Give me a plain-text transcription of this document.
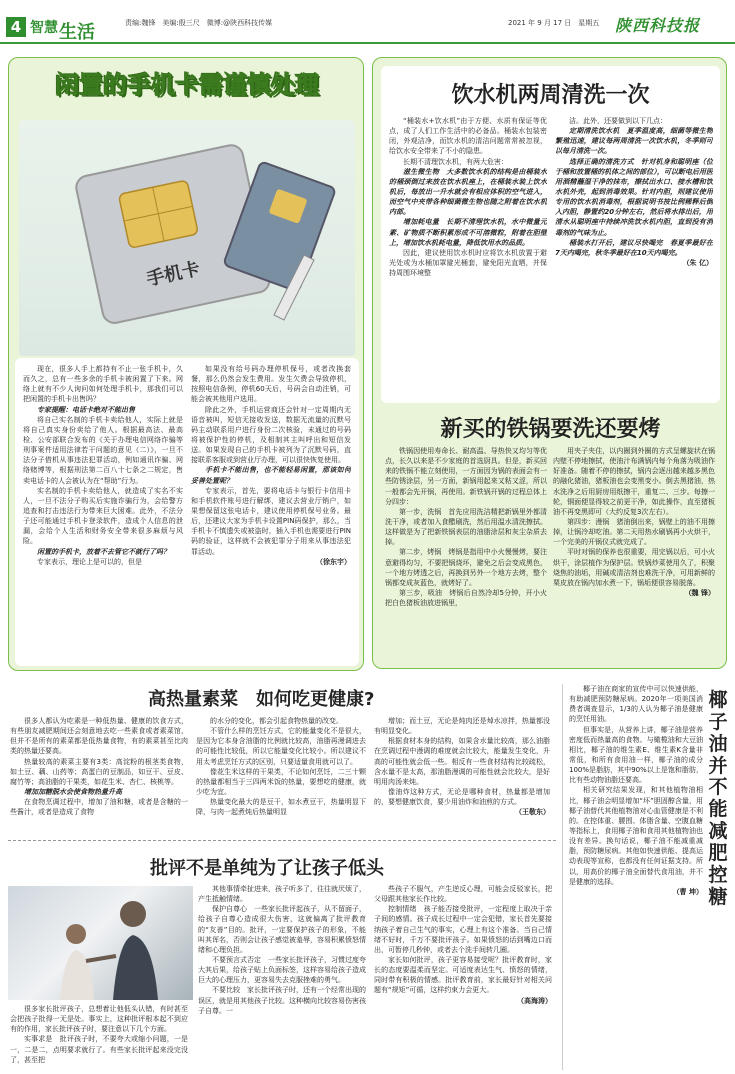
4 智慧 生活	责编:魏锋　美编:殷三尺　微博:@陕西科技传媒	2021 年 9 月 17 日　星期五 陕西科技报
闲置的手机卡需谨慎处理
手机卡

现在，很多人手上都持有不止一张手机卡，久而久之，总有一些多余的手机卡被闲置了下来。网络上就有不少人询问如何处理手机卡，那我们可以把闲置的手机卡出售吗？

专家提醒：电话卡绝对不能出售

将自己实名制的手机卡卖给他人，实际上就是将自己真实身份卖给了他人。根据最高法、最高检、公安部联合发布的《关于办理电信网络诈骗等刑事案件适用法律若干问题的意见（二）》，一旦不法分子借机从事违法犯罪活动，例如通讯诈骗、网络赌博等，根据刑法第二百八十七条之二规定，售卖电话卡的人会被认为在“帮助”行为。

实名制的手机卡卖给他人，就造成了实名不实人，一旦不法分子购买后实施诈骗行为，会给警方追查和打击违法行为带来巨大困难。此外，不法分子还可能通过手机卡登录软件，造成个人信息的泄漏，会给个人生活和财务安全带来很多麻烦与风险。

闲置的手机卡，放着不去管它不就行了吗？

专家表示，理论上是可以的，但是

如果没有给号码办理停机保号，或者改换套餐，那么仍然会发生费用。发生欠费会导致停机，按照电信条例，停机60天后，号码会自动注销，可能会被其他用户选用。

除此之外，手机运营商还会针对一定周期内无语音被叫，短信无接收发送，数据无流量的沉默号码主动联系用户进行身份二次核验，未通过的号码将被保护性的停机，及相制其主叫呼出和短信发送。如果发现自己的手机卡被列为了沉默号码，直接联系客服或到营业厅办理，可以很快恢复使用。

手机卡不能出售，也不能轻易闲置，那该如何妥善处置呢？

专家表示，首先，要将电话卡与银行卡信用卡和手机软件账号进行解绑，建议去营业厅销户，如果想保留这张电话卡，建议使用停机保号业务。最后，还建议大家为手机卡设置PIN码保护，那么，当手机卡不慎遗失或被盗时，插入手机也需要进行PIN码的验证，这样就不会被犯罪分子用来从事违法犯罪活动。

（徐东宇）
饮水机两周清洗一次

“桶装水+饮水机”由于方便、水质有保证等优点，成了人们工作生活中的必备品。桶装水包装密闭，外观洁净，而饮水机的清洁问题常常被忽视，给饮水安全带来了不小的隐患。

长期不清理饮水机，有两大危害：

滋生微生物　大多数饮水机的结构是由桶装水的桶颈倒过来放在饮水机座上，在桶装水装上饮水机后，每放出一升水就会有相应体积的空气进入，而空气中夹带各种细菌微生物也随之附着在饮水机内部。

增加耗电量　长期不清理饮水机，水中微量元素、矿物质不断积累形成不可溶微粒，附着在胆壁上，增加饮水机耗电量，降低饮用水的品质。

因此，建议使用饮水机时应将饮水机放置于避光处或为水桶加罩避光桶套，避免阳光直晒，并保持周围环境整

洁。此外，还要做到以下几点：

定期清洗饮水机　夏季温度高，细菌等微生物繁殖迅速，建议每两周清洗一次饮水机，冬季则可以每月清洗一次。

选择正确的清洗方式　针对机身和聪明座（位于桶和放置桶的机体之间的部位），可以断电后用医用酒精蘸湿干净的抹布，擦拭出水口、接水槽和饮水机外壳，起到消毒效果。针对内胆，则建议使用专用的饮水机消毒剂，根据说明书按比例稀释后倒入内胆，静置约20分钟左右，然后将水排出后，用清水从聪明座中持续冲洗饮水机内胆，直到没有消毒剂的气味为止。

桶装水打开后，建议尽快喝完　春夏季最好在7天内喝完，秋冬季最好在10天内喝完。

（朱 亿）
新买的铁锅要洗还要烤

铁锅因使用寿命长、耐高温、导热快又均匀等优点，长久以来是不少家庭的首选厨具。但是，新买回来的铁锅不能立刻使用，一方面因为锅的表面会有一些防锈涂层，另一方面，新锅用起来又粘又涩，所以一般都会先开锅，再使用。新铁锅开锅的过程总体上分四步：

第一步，洗锅　首先应用洗洁精把新锅里外都清洗干净，或者加入食醋刷洗，然后用温水清洗擦拭。这样做是为了把新铁锅表层的油脂涂层和灰尘杂质去掉。

第二步，烤锅　烤锅是指用中小火慢慢烤，要注意避得均匀，不要把锅烧坏，避免之后会变成黑色，一个地方烤透之后，再换到另外一个地方去烤，整个锅都变成灰蓝色，就烤好了。

第三步，吸油　烤锅后自然冷却5分钟，开小火把白色猪板油放进锅里，

用夹子夹住，以内圈到外圈的方式呈螺旋状在锅内壁不停地擦拭，使油汁布满锅内每个角落为吸油作好准备。随着不停的擦拭，锅内会逐出越来越多黑色的融化猪油，猪板油也会变黑变小。倒去黑猪油，热水洗净之后用厨房用纸擦干，重复二、三步。每擦一轮，铜面便显得较之前更干净，如此操作，直至猪板油不再变黑即可（大约反复3次左右）。

第四步：漫锅　猪油倒出来，锅壁上的油不用擦掉，让锅冷却吃油。第二天用热水刷锅再小火烘干，一个完美的开锅仪式就完成了。

平时对锅的保养也很重要，用完锅以后，可小火烘干，涂层植作为保护层。铁锅炒菜使用久了，积聚烧焦的油垢，用碱或清洁剂也难洗干净，可用新鲜的栗皮放在锅内加水煮一下，锅垢便很容易脱落。

（魏 锋）
高热量素菜　如何吃更健康?

很多人都认为吃素是一种低热量、健康的饮食方式，有些朋友减肥期间还会刻意地去吃一些素食或者素菜馆，但并不是所有的素菜都是低热量食物，有的素菜甚至比肉类的热量还要高。

热量较高的素菜主要有3类：高淀粉的根茎类食物，如土豆、藕、山药等；高蛋白的豆制品，如豆干、豆皮、腐竹等；高油脂的干果类，如花生米、杏仁、核桃等。

增加加糖脱水会使食物热量升高

在食物烹调过程中，增加了油和糖，或者是含糖的一些酱汁，或者是造成了食物

的水分的变化，都会引起食物热量的改变。

不管什么样的烹饪方式，它的能量变化不是很大，是因为它本身含油脂的比例就比较高，油脂再漫调进去的可能性比较低，所以它能量变化比较小。所以建议不用太考虑烹饪方式的区别，只要适量食用就可以了。

像花生米这样的干果类，不论如何烹饪，二三十颗的热量都相当于三四两米饭的热量，要想吃的健康，就少吃为宜。

热量变化最大的是豆干，如水煮豆干，热量明显下降，与肉一起煮炖后热量明显

增加；而土豆，无论是炖肉还是焯水凉拌，热量都没有明显变化。

根据食材本身的结构，如果含水量比较高，那么油脂在烹调过程中漫调的难度就会比较大，能量发生变化，升高的可能性就会低一些。相反有一些食材结构比较疏松，含水量不是太高，那油脂漫调的可能性就会比较大，是好明用肉汤来炖。

像油炸这种方式，无论是哪种食材，热量都是增加的，要想健康饮食，要少用油炸和油煎的方式。

（王敬东）
批评不是单纯为了让孩子低头

很多家长批评孩子，总想着让他低头认错，有时甚至会把孩子批得一无是处。事实上，这种批评根本起不到应有的作用，家长批评孩子时，要注意以下几个方面。

实事求是　批评孩子时，不要夸大或缩小问题，一是一，二是二，点明要求就行了。有些家长批评起来没完没了，甚至把

其他事情牵扯进来，孩子听多了，往往就厌烦了，产生抵触情绪。

保护自尊心　一些家长批评起孩子，从不留面子，给孩子自尊心造成很大伤害，这就偏离了批评教育的“友善”目的。批评，一定要保护孩子的形象，不能叫其诨名，否则会让孩子感觉被羞辱，容易积累愤怒情绪和心理负担。

不要预言式否定　一些家长批评孩子，习惯过度夸大其后果，给孩子贴上负面标签，这样容易给孩子造成巨大的心理压力，更容易失去克服挫难的勇气。

不要比较　家长批评孩子时，还有一个经常出现的误区，就是用其他孩子比较。这种横向比较容易伤害孩子自尊。一

些孩子不服气，产生逆反心理，可能会反驳家长，把父母跟其他家长作比较。

控制情绪　孩子能否接受批评，一定程度上取决于亲子间的感情。孩子成长过程中一定会犯错，家长首先要接纳孩子着自己生气的事实，心理上有这个准备。当自己情绪不好时，千万不要批评孩子。如果愤怒的话到嘴边口而出，可暂停几秒钟，或者去个洗手间转几圈。

家长如何批评，孩子更容易接受呢？批评教育时，家长的态度要温柔而坚定。可适度表达生气、愤怒的情绪，同时带有积极的情感。批评教育前，家长最好针对相关问题有“规矩”可循，这样约束力会更大。

（高海涛）

椰子油在商家的宣传中可以快速供能，有助减肥预防糖尿病。2020年一项美国消费者调查显示，1/3的人认为椰子油是健康的烹饪用油。

但事实是，从营养上讲，椰子油是营养密度低而热量高的食物。与橄榄油和大豆油相比，椰子油的维生素E、维生素K含量非常低，和所有食用油一样，椰子油的成分100%是脂肪，其中90%以上是饱和脂肪，比有些动物油脂还要高。

相关研究结果发现，和其他植物油相比，椰子油会明显增加“坏”胆固醇含量，用椰子油替代其他植物油对心血管健康是不利的。在控体重、腰围、体脂含量、空腹血糖等指标上，食用椰子油和食用其他植物油也没有差异。换句话说，椰子油不能减重减脂，预防糖尿病。其他如快速供能、提高运动表现等宣称，也都没有任何证据支持。所以，用高价的椰子油全面替代食用油，并不是健康的选择。

（曹 坤）
椰子油并不能减肥控糖
